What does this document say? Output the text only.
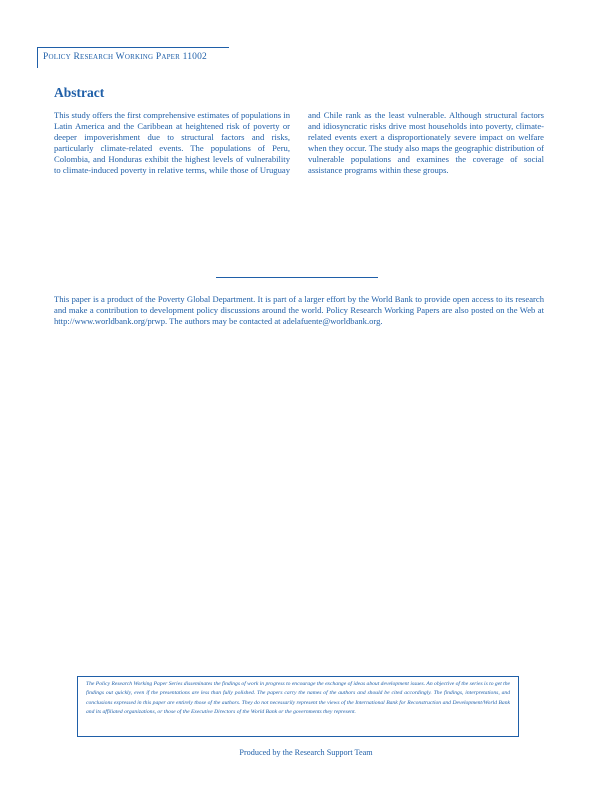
Policy Research Working Paper 11002
Abstract

This study offers the first comprehensive estimates of populations in Latin America and the Caribbean at heightened risk of poverty or deeper impoverishment due to structural factors and risks, particularly climate-related events. The populations of Peru, Colombia, and Honduras exhibit the highest levels of vulnerability to climate-induced poverty in relative terms, while those of Uruguay and Chile rank as the least vulnerable. Although structural factors and idiosyncratic risks drive most households into poverty, climate-related events exert a disproportionately severe impact on welfare when they occur. The study also maps the geographic distribution of vulnerable populations and examines the coverage of social assistance programs within these groups.

This paper is a product of the Poverty Global Department. It is part of a larger effort by the World Bank to provide open access to its research and make a contribution to development policy discussions around the world. Policy Research Working Papers are also posted on the Web at http://www.worldbank.org/prwp. The authors may be contacted at adelafuente@worldbank.org.

The Policy Research Working Paper Series disseminates the findings of work in progress to encourage the exchange of ideas about development issues. An objective of the series is to get the findings out quickly, even if the presentations are less than fully polished. The papers carry the names of the authors and should be cited accordingly. The findings, interpretations, and conclusions expressed in this paper are entirely those of the authors. They do not necessarily represent the views of the International Bank for Reconstruction and Development/World Bank and its affiliated organizations, or those of the Executive Directors of the World Bank or the governments they represent.

Produced by the Research Support Team
